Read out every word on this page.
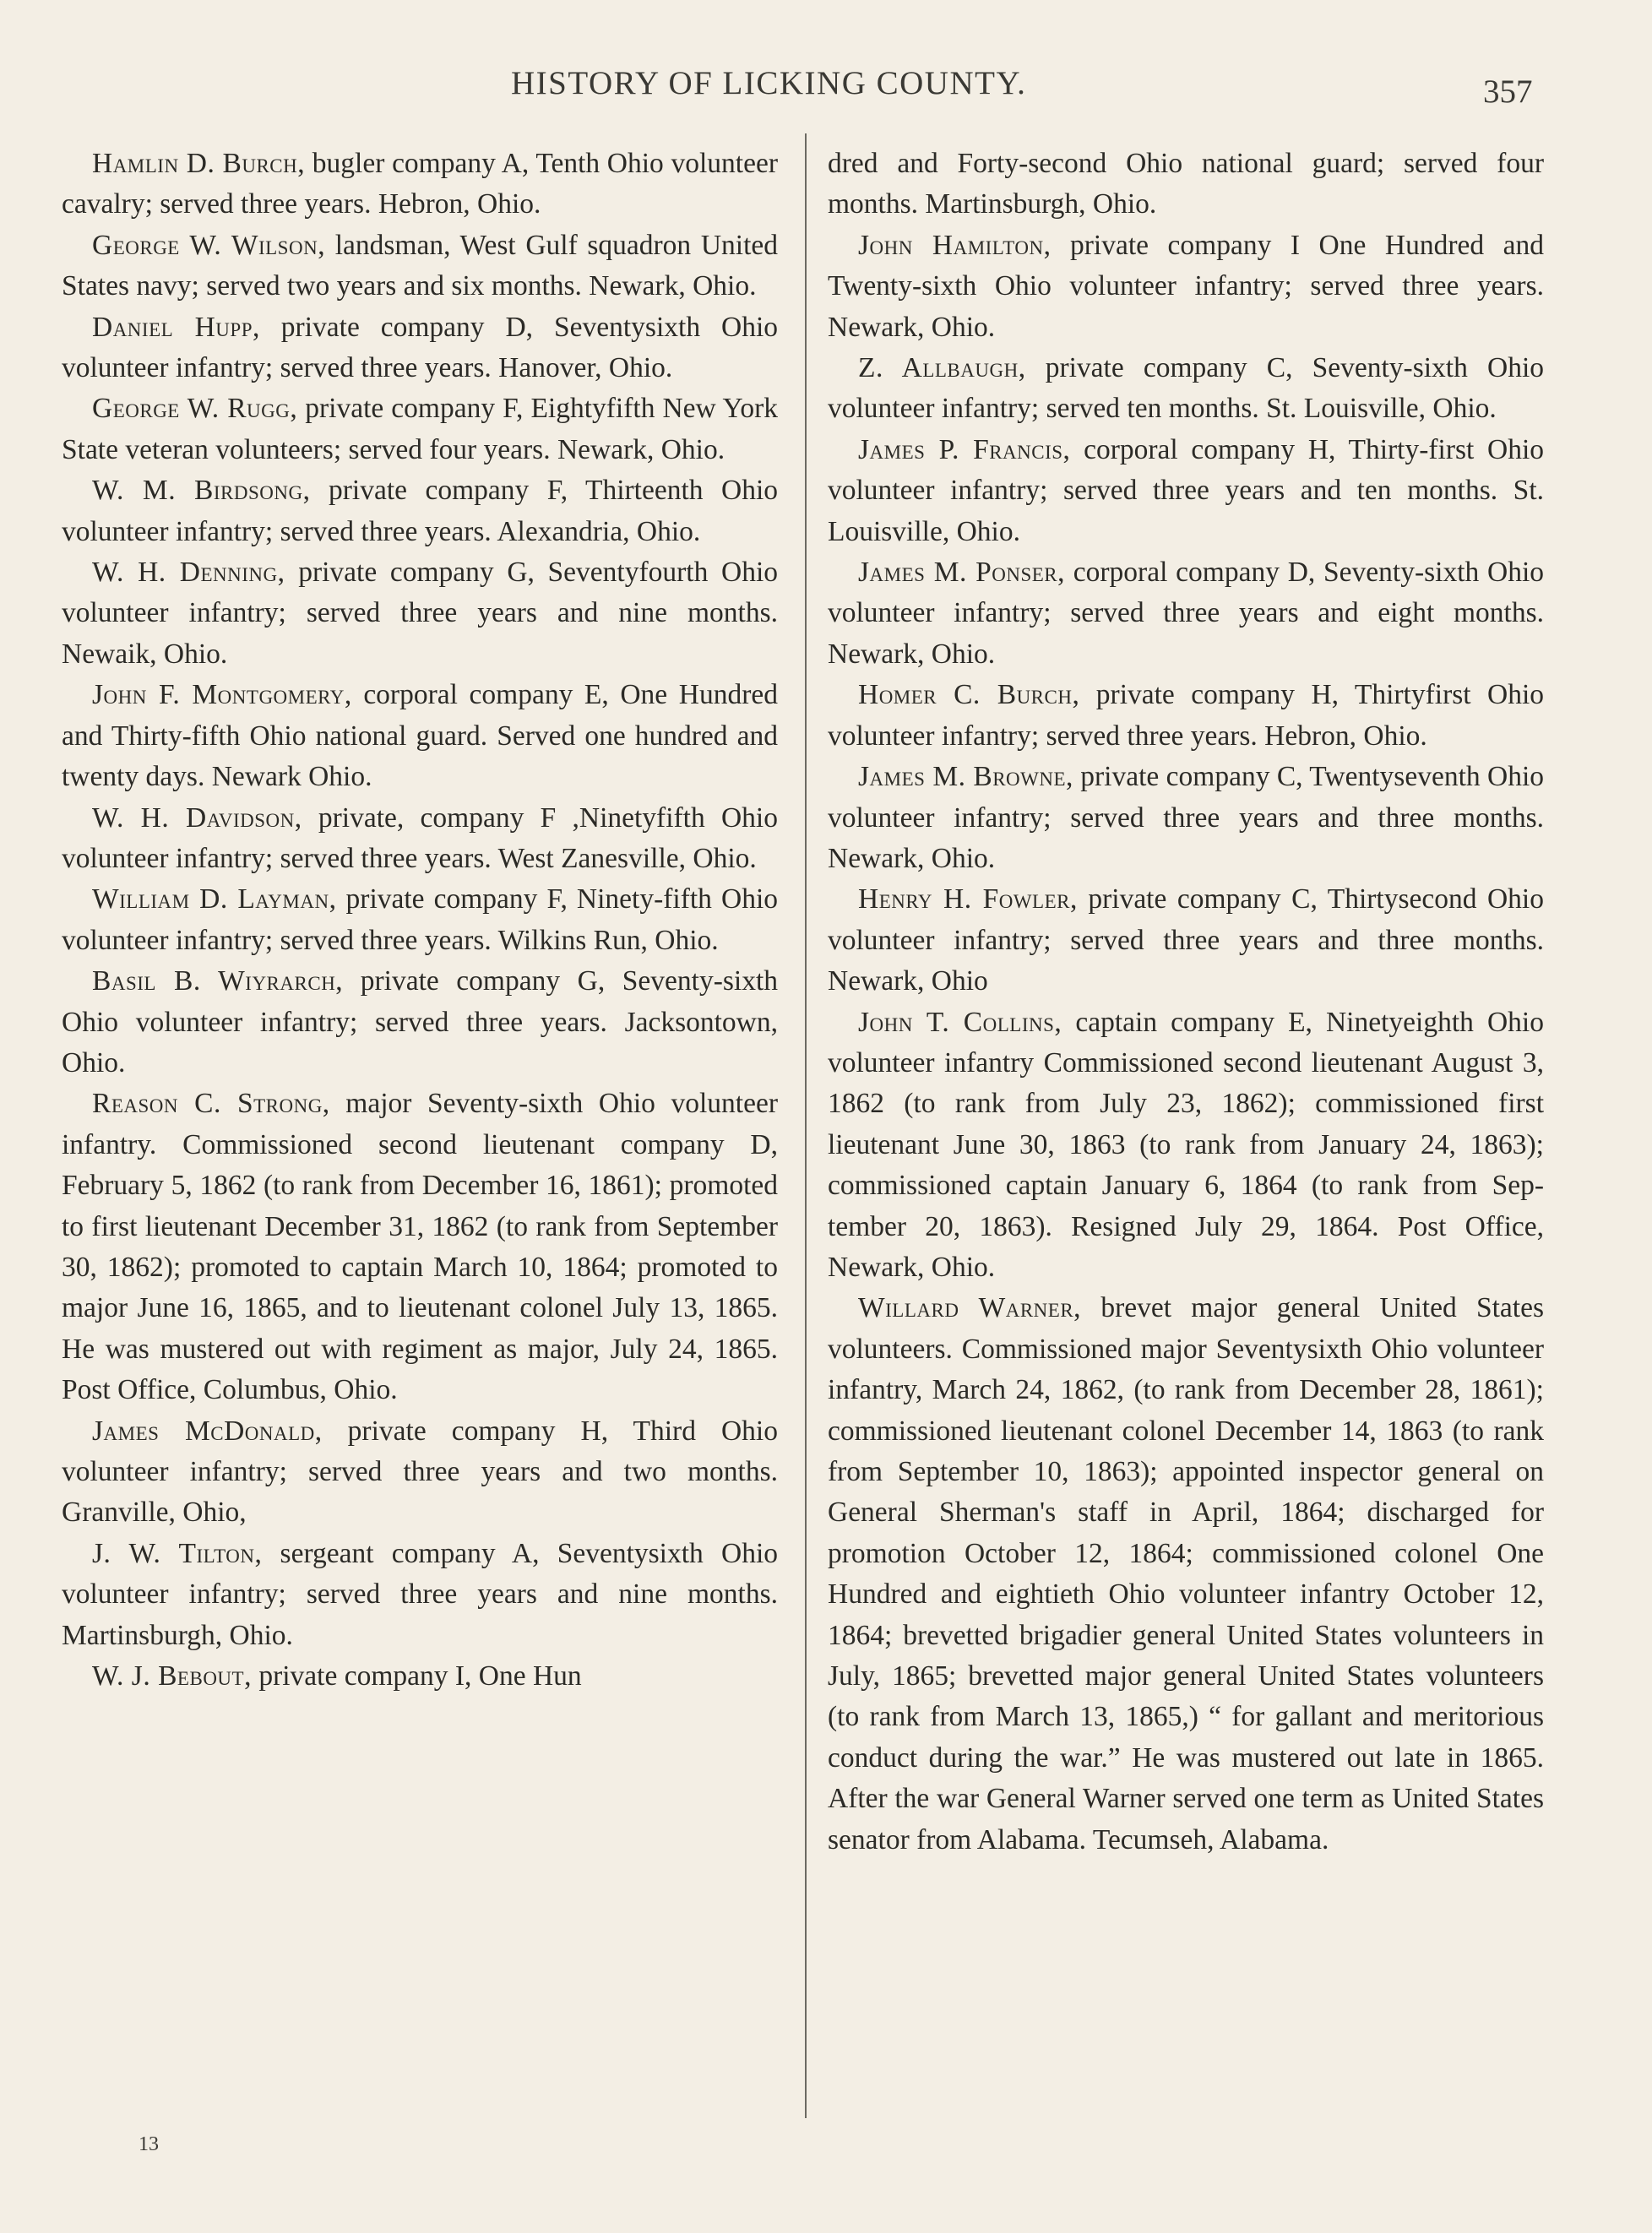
HISTORY OF LICKING COUNTY.	357

Hamlin D. Burch, bugler company A, Tenth Ohio volunteer cavalry; served three years. Hebron, Ohio.

George W. Wilson, landsman, West Gulf squadron United States navy; served two years and six months. Newark, Ohio.

Daniel Hupp, private company D, Seventysixth Ohio volunteer infantry; served three years. Hanover, Ohio.

George W. Rugg, private company F, Eightyfifth New York State veteran volunteers; served four years. Newark, Ohio.

W. M. Birdsong, private company F, Thirteenth Ohio volunteer infantry; served three years. Alexandria, Ohio.

W. H. Denning, private company G, Seventyfourth Ohio volunteer infantry; served three years and nine months. Newaik, Ohio.

John F. Montgomery, corporal company E, One Hundred and Thirty-fifth Ohio national guard. Served one hundred and twenty days. Newark Ohio.

W. H. Davidson, private, company F ,Ninetyfifth Ohio volunteer infantry; served three years. West Zanesville, Ohio.

William D. Layman, private company F, Ninety-fifth Ohio volunteer infantry; served three years. Wilkins Run, Ohio.

Basil B. Wiyrarch, private company G, Seventy-sixth Ohio volunteer infantry; served three years. Jacksontown, Ohio.

Reason C. Strong, major Seventy-sixth Ohio volunteer infantry. Commissioned second lieutenant company D, February 5, 1862 (to rank from December 16, 1861); promoted to first lieutenant December 31, 1862 (to rank from September 30, 1862); promoted to captain March 10, 1864; promoted to major June 16, 1865, and to lieutenant colonel July 13, 1865. He was mustered out with regiment as major, July 24, 1865. Post Office, Columbus, Ohio.

James McDonald, private company H, Third Ohio volunteer infantry; served three years and two months. Granville, Ohio,

J. W. Tilton, sergeant company A, Seventysixth Ohio volunteer infantry; served three years and nine months. Martinsburgh, Ohio.

W. J. Bebout, private company I, One Hun

dred and Forty-second Ohio national guard; served four months. Martinsburgh, Ohio.

John Hamilton, private company I One Hundred and Twenty-sixth Ohio volunteer infantry; served three years. Newark, Ohio.

Z. Allbaugh, private company C, Seventy-sixth Ohio volunteer infantry; served ten months. St. Louisville, Ohio.

James P. Francis, corporal company H, Thirty-first Ohio volunteer infantry; served three years and ten months. St. Louisville, Ohio.

James M. Ponser, corporal company D, Seventy-sixth Ohio volunteer infantry; served three years and eight months. Newark, Ohio.

Homer C. Burch, private company H, Thirtyfirst Ohio volunteer infantry; served three years. Hebron, Ohio.

James M. Browne, private company C, Twentyseventh Ohio volunteer infantry; served three years and three months. Newark, Ohio.

Henry H. Fowler, private company C, Thirtysecond Ohio volunteer infantry; served three years and three months. Newark, Ohio

John T. Collins, captain company E, Ninetyeighth Ohio volunteer infantry Commissioned second lieutenant August 3, 1862 (to rank from July 23, 1862); commissioned first lieutenant June 30, 1863 (to rank from January 24, 1863); commissioned captain January 6, 1864 (to rank from September 20, 1863). Resigned July 29, 1864. Post Office, Newark, Ohio.

Willard Warner, brevet major general United States volunteers. Commissioned major Seventysixth Ohio volunteer infantry, March 24, 1862, (to rank from December 28, 1861); commissioned lieutenant colonel December 14, 1863 (to rank from September 10, 1863); appointed inspector general on General Sherman's staff in April, 1864; discharged for promotion October 12, 1864; commissioned colonel One Hundred and eightieth Ohio volunteer infantry October 12, 1864; brevetted brigadier general United States volunteers in July, 1865; brevetted major general United States volunteers (to rank from March 13, 1865,) “ for gallant and meritorious conduct during the war.” He was mustered out late in 1865. After the war General Warner served one term as United States senator from Alabama. Tecumseh, Alabama.

13
